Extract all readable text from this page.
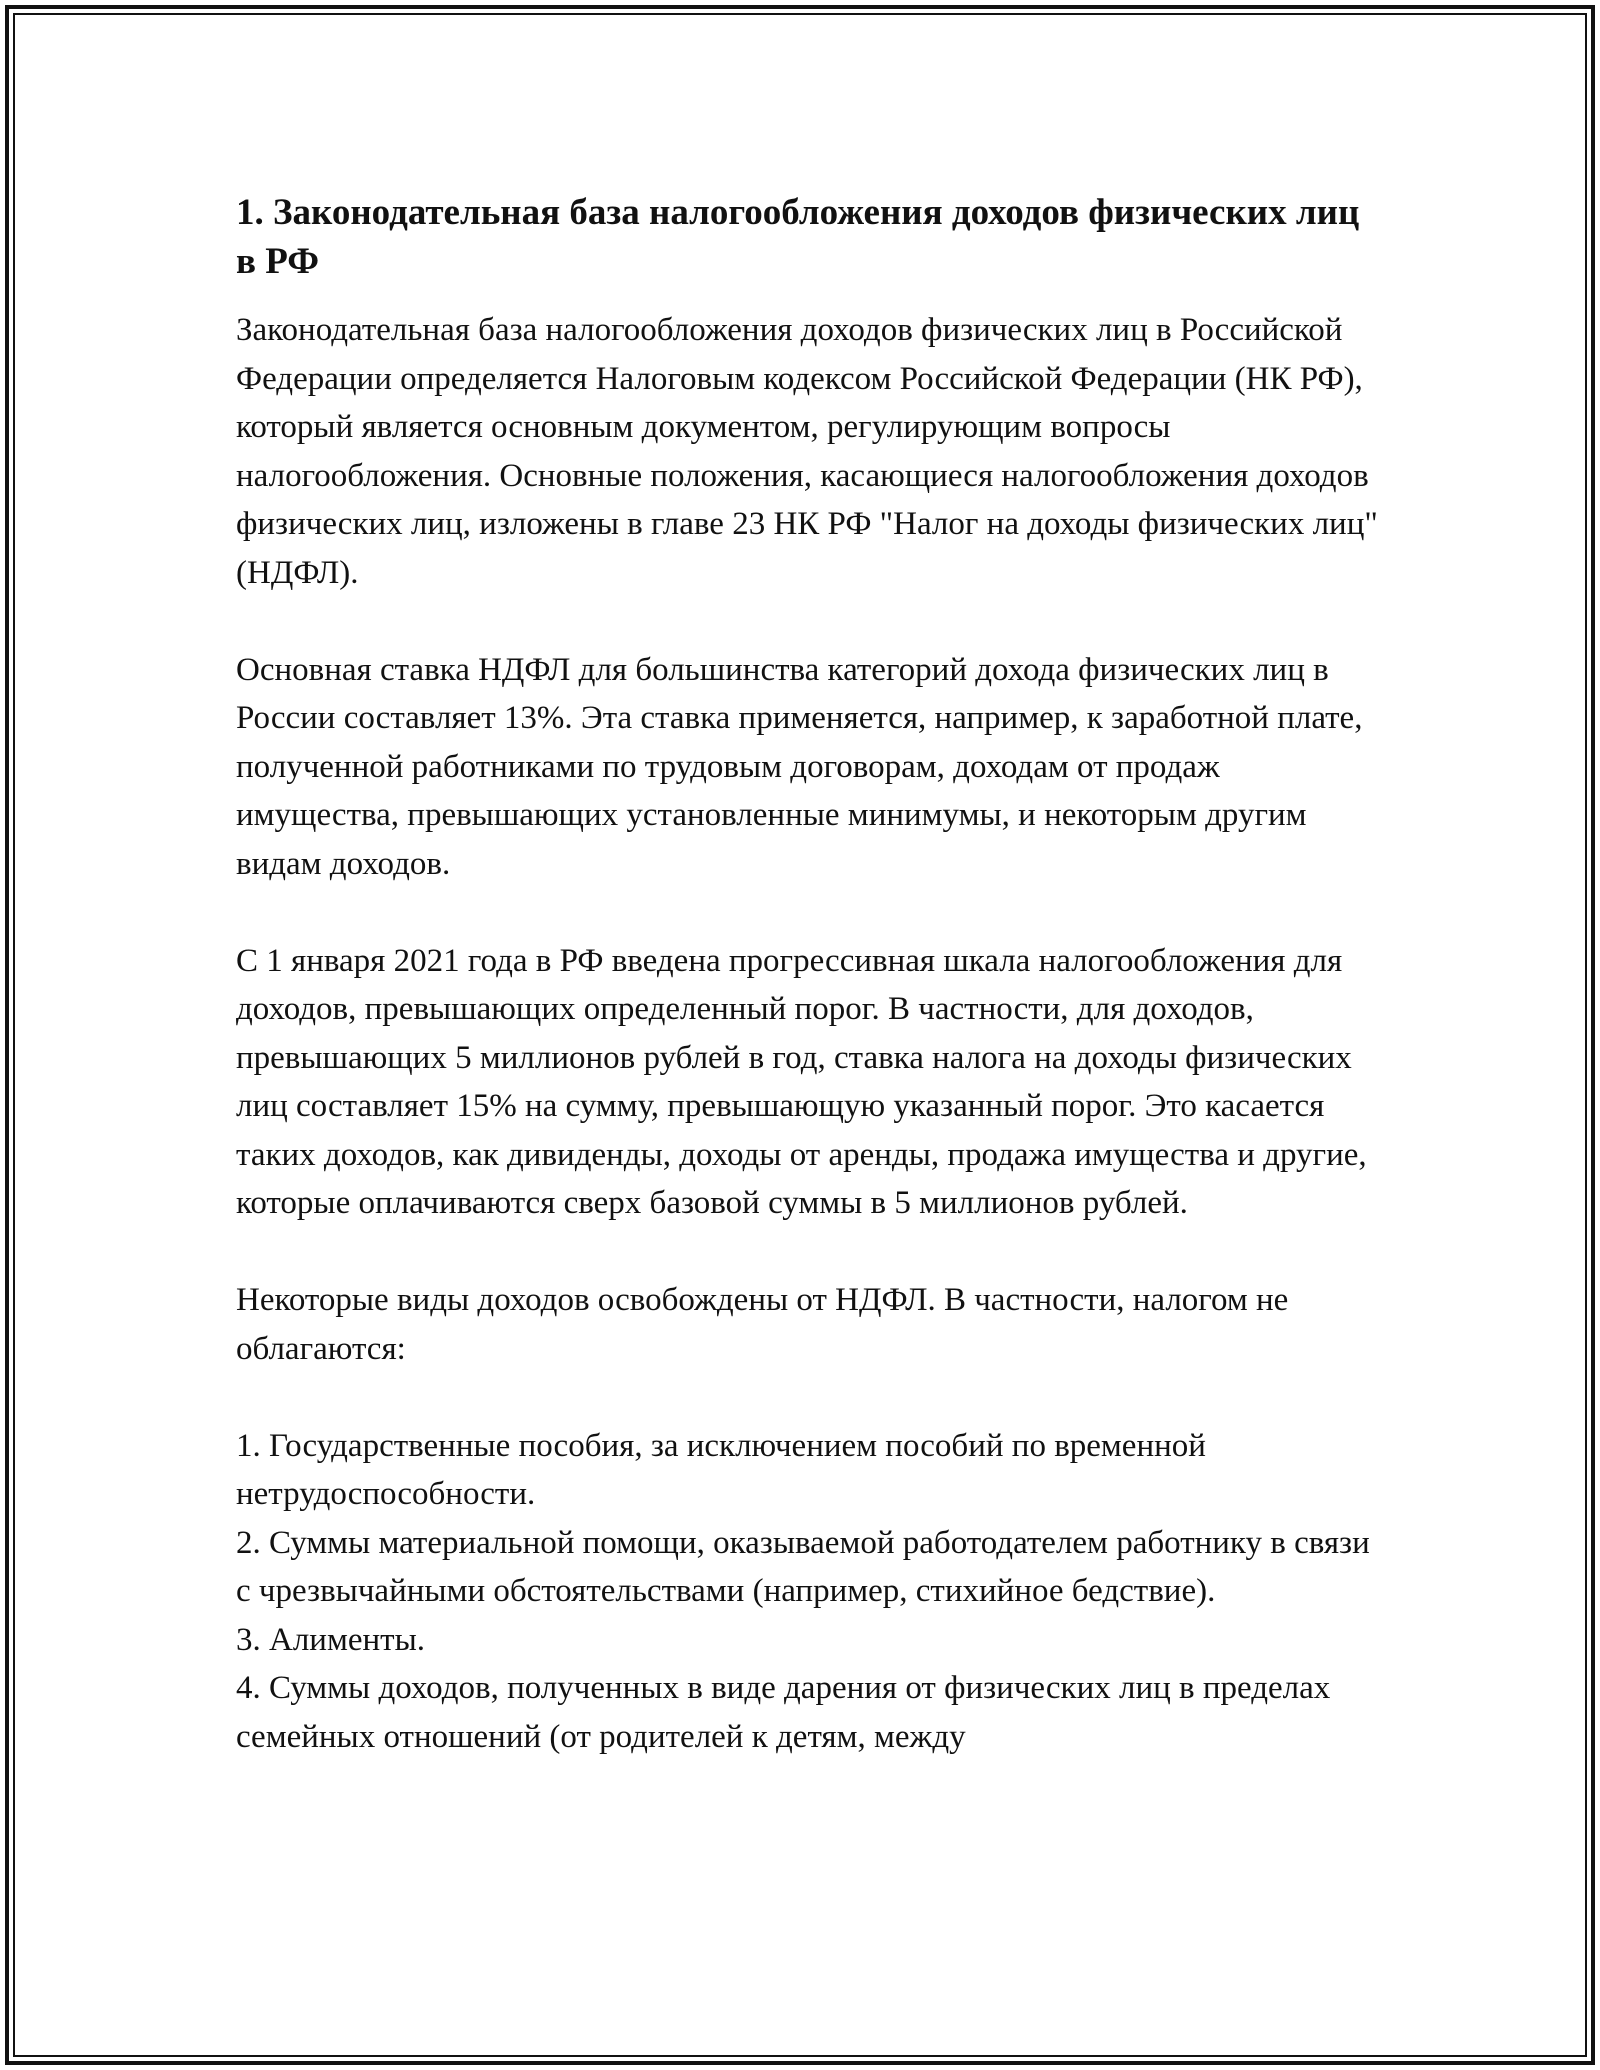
1. Законодательная база налогообложения доходов физических лиц в РФ

Законодательная база налогообложения доходов физических лиц в Российской Федерации определяется Налоговым кодексом Российской Федерации (НК РФ), который является основным документом, регулирующим вопросы налогообложения. Основные положения, касающиеся налогообложения доходов физических лиц, изложены в главе 23 НК РФ "Налог на доходы физических лиц" (НДФЛ).

Основная ставка НДФЛ для большинства категорий дохода физических лиц в России составляет 13%. Эта ставка применяется, например, к заработной плате, полученной работниками по трудовым договорам, доходам от продаж имущества, превышающих установленные минимумы, и некоторым другим видам доходов.

С 1 января 2021 года в РФ введена прогрессивная шкала налогообложения для доходов, превышающих определенный порог. В частности, для доходов, превышающих 5 миллионов рублей в год, ставка налога на доходы физических лиц составляет 15% на сумму, превышающую указанный порог. Это касается таких доходов, как дивиденды, доходы от аренды, продажа имущества и другие, которые оплачиваются сверх базовой суммы в 5 миллионов рублей.

Некоторые виды доходов освобождены от НДФЛ. В частности, налогом не облагаются:

1. Государственные пособия, за исключением пособий по временной нетрудоспособности.
2. Суммы материальной помощи, оказываемой работодателем работнику в связи с чрезвычайными обстоятельствами (например, стихийное бедствие).
3. Алименты.
4. Суммы доходов, полученных в виде дарения от физических лиц в пределах семейных отношений (от родителей к детям, между
